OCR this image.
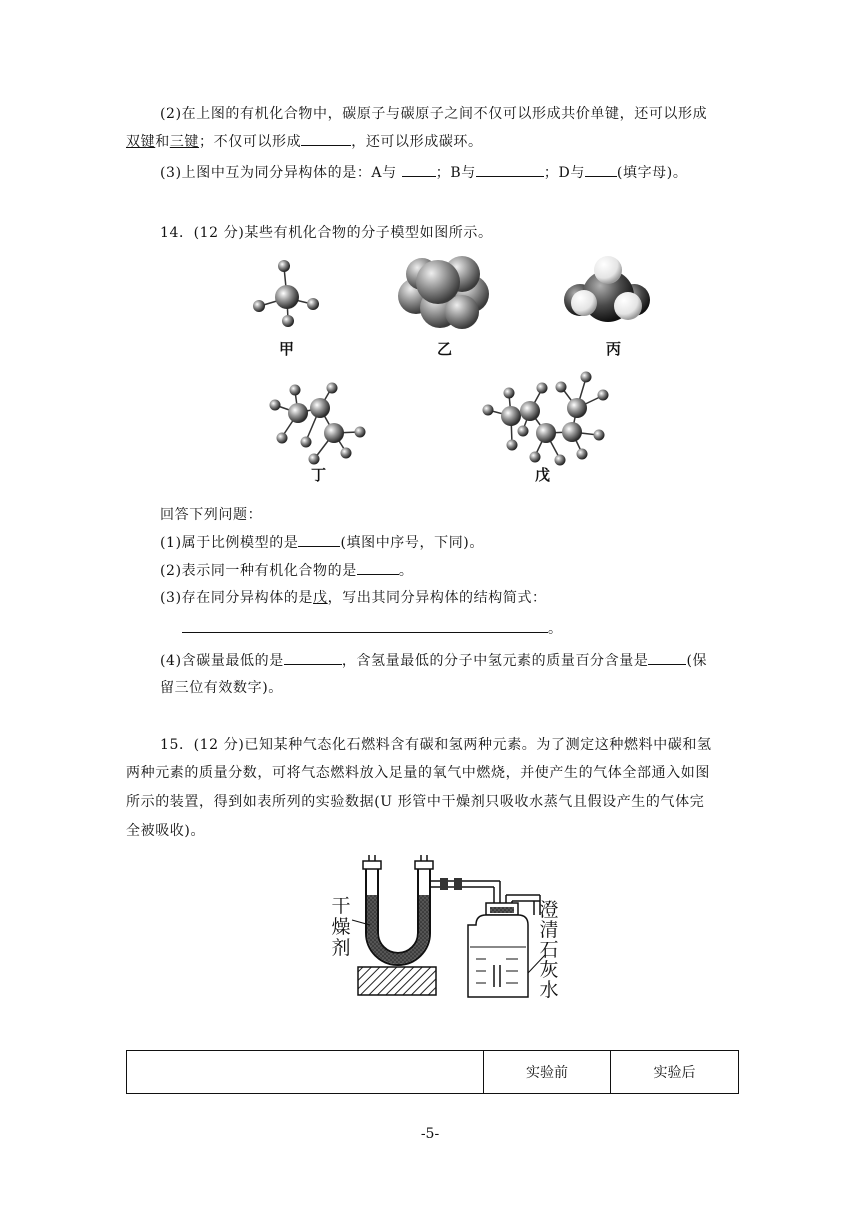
(2)在上图的有机化合物中，碳原子与碳原子之间不仅可以形成共价单键，还可以形成
双键和三键；不仅可以形成	，还可以形成碳环。
(3)上图中互为同分异构体的是：A与 ；B与	；D与 (填字母)。
14．(12 分)某些有机化合物的分子模型如图所示。
甲	乙	丙
丁	戊
回答下列问题：
(1)属于比例模型的是	(填图中序号，下同)。
(2)表示同一种有机化合物的是	。
(3)存在同分异构体的是戊，写出其同分异构体的结构简式：
。
(4)含碳量最低的是	，含氢量最低的分子中氢元素的质量百分含量是	(保
留三位有效数字)。
15．(12 分)已知某种气态化石燃料含有碳和氢两种元素。为了测定这种燃料中碳和氢
两种元素的质量分数，可将气态燃料放入足量的氧气中燃烧，并使产生的气体全部通入如图
所示的装置，得到如表所列的实验数据(U 形管中干燥剂只吸收水蒸气且假设产生的气体完
全被吸收)。
干
燥
剂
澄
清
石
灰
水
	实验前	实验后
-5-
